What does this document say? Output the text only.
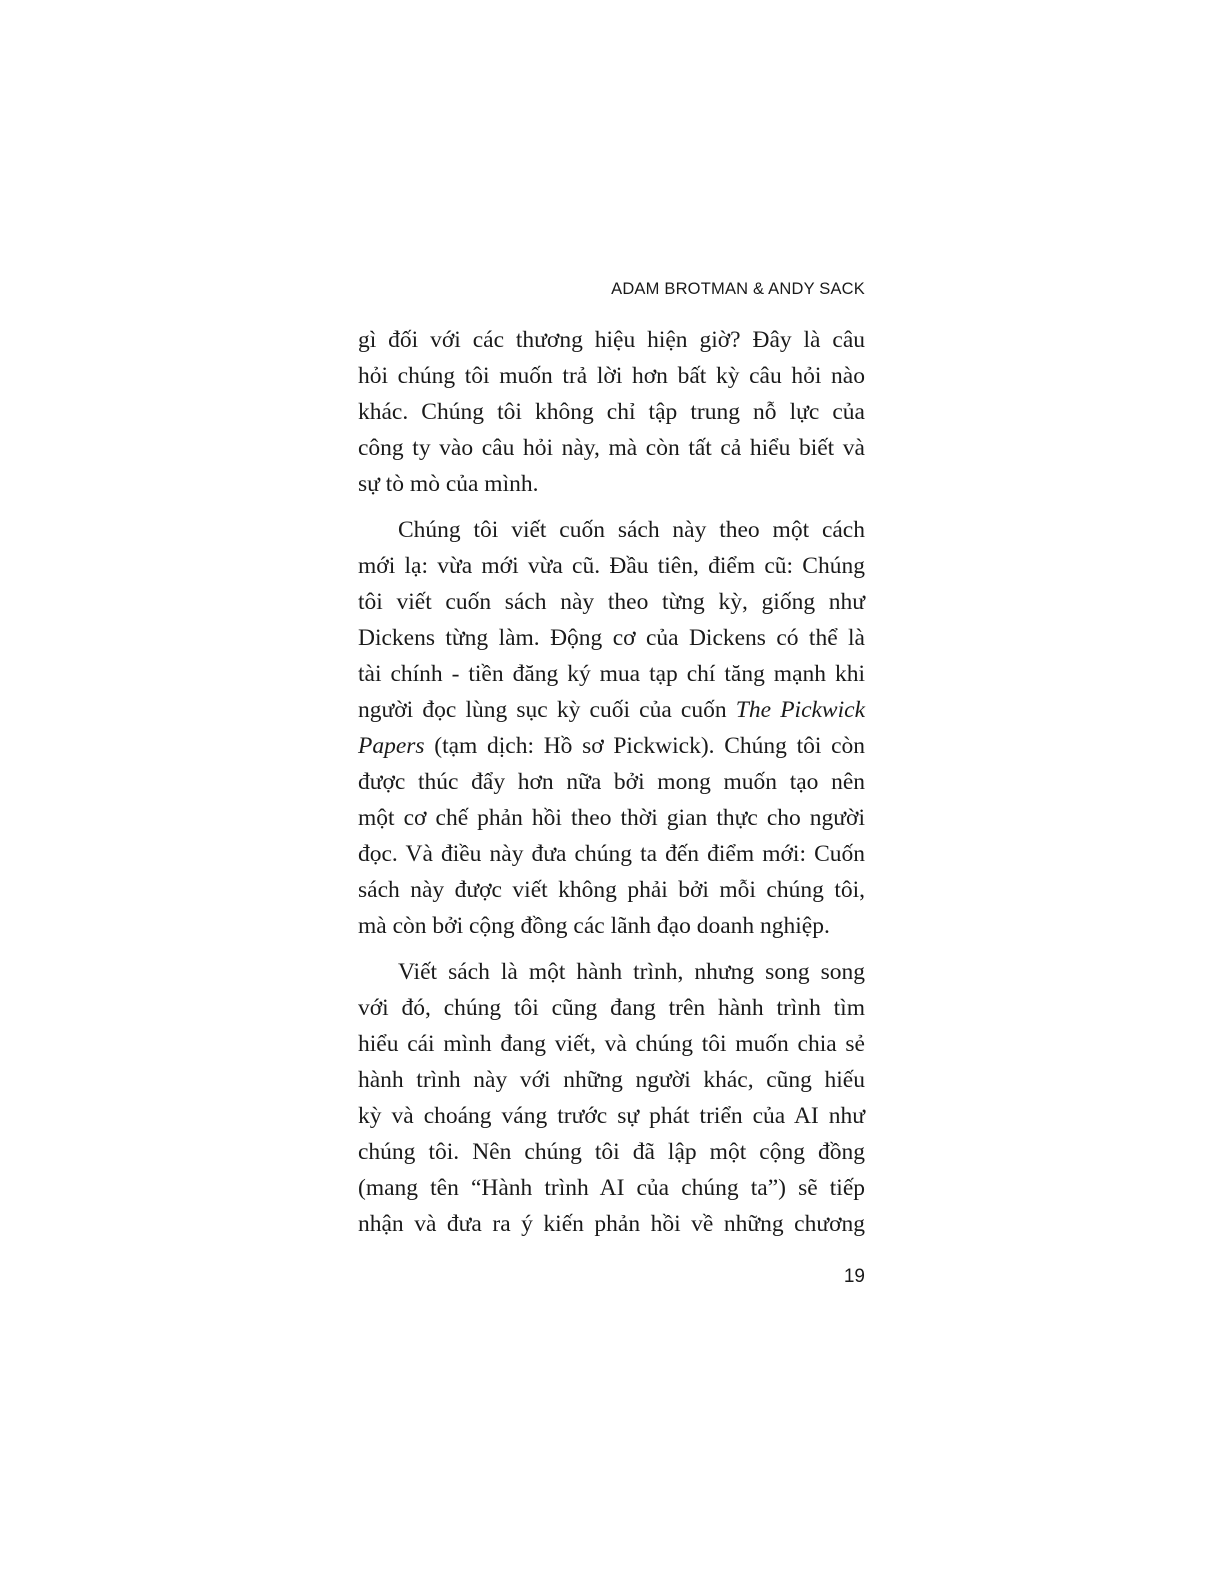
ADAM BROTMAN & ANDY SACK
gì đối với các thương hiệu hiện giờ? Đây là câu
hỏi chúng tôi muốn trả lời hơn bất kỳ câu hỏi nào
khác. Chúng tôi không chỉ tập trung nỗ lực của
công ty vào câu hỏi này, mà còn tất cả hiểu biết và
sự tò mò của mình.
Chúng tôi viết cuốn sách này theo một cách
mới lạ: vừa mới vừa cũ. Đầu tiên, điểm cũ: Chúng
tôi viết cuốn sách này theo từng kỳ, giống như
Dickens từng làm. Động cơ của Dickens có thể là
tài chính - tiền đăng ký mua tạp chí tăng mạnh khi
người đọc lùng sục kỳ cuối của cuốn The Pickwick
Papers (tạm dịch: Hồ sơ Pickwick). Chúng tôi còn
được thúc đẩy hơn nữa bởi mong muốn tạo nên
một cơ chế phản hồi theo thời gian thực cho người
đọc. Và điều này đưa chúng ta đến điểm mới: Cuốn
sách này được viết không phải bởi mỗi chúng tôi,
mà còn bởi cộng đồng các lãnh đạo doanh nghiệp.
Viết sách là một hành trình, nhưng song song
với đó, chúng tôi cũng đang trên hành trình tìm
hiểu cái mình đang viết, và chúng tôi muốn chia sẻ
hành trình này với những người khác, cũng hiếu
kỳ và choáng váng trước sự phát triển của AI như
chúng tôi. Nên chúng tôi đã lập một cộng đồng
(mang tên “Hành trình AI của chúng ta”) sẽ tiếp
nhận và đưa ra ý kiến phản hồi về những chương
19
